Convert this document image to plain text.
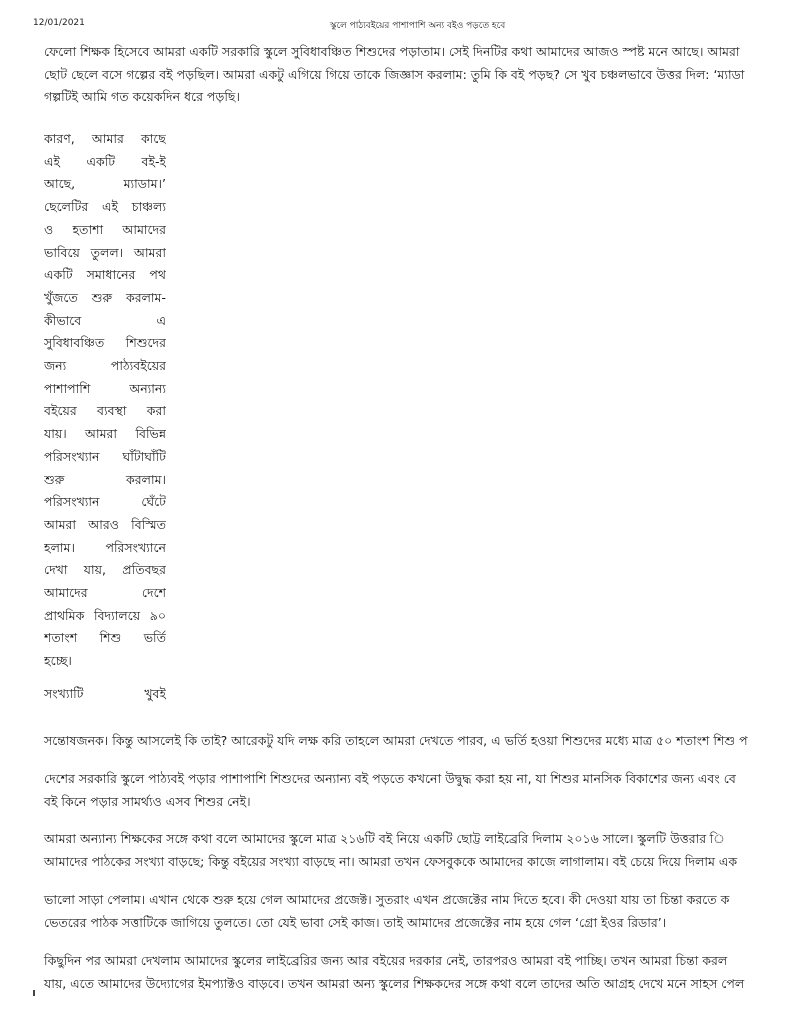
12/01/2021	স্কুলে পাঠ্যবইয়ের পাশাপাশি অন্য বইও পড়তে হবে

ফেলো শিক্ষক হিসেবে আমরা একটি সরকারি স্কুলে সুবিধাবঞ্চিত শিশুদের পড়াতাম। সেই দিনটির কথা আমাদের আজও স্পষ্ট মনে আছে। আমরা
ছোট ছেলে বসে গল্পের বই পড়ছিল। আমরা একটু এগিয়ে গিয়ে তাকে জিজ্ঞাস করলাম: তুমি কি বই পড়ছ? সে খুব চঞ্চলভাবে উত্তর দিল: ‘ম্যাডা
গল্পটিই আমি গত কয়েকদিন ধরে পড়ছি।

কারণ, আমার কাছে
এই একটি বই-ই
আছে, ম্যাডাম।’
ছেলেটির এই চাঞ্চল্য
ও হতাশা আমাদের
ভাবিয়ে তুলল। আমরা
একটি সমাধানের পথ
খুঁজতে শুরু করলাম-
কীভাবে এ
সুবিধাবঞ্চিত শিশুদের
জন্য পাঠ্যবইয়ের
পাশাপাশি অন্যান্য
বইয়ের ব্যবস্থা করা
যায়। আমরা বিভিন্ন
পরিসংখ্যান ঘাঁটাঘাঁটি
শুরু করলাম।
পরিসংখ্যান ঘেঁটে
আমরা আরও বিস্মিত
হলাম। পরিসংখ্যানে
দেখা যায়, প্রতিবছর
আমাদের দেশে
প্রাথমিক বিদ্যালয়ে ৯০
শতাংশ শিশু ভর্তি
হচ্ছে।
সংখ্যাটি খুবই

সন্তোষজনক। কিন্তু আসলেই কি তাই? আরেকটু যদি লক্ষ করি তাহলে আমরা দেখতে পারব, এ ভর্তি হওয়া শিশুদের মধ্যে মাত্র ৫০ শতাংশ শিশু প

দেশের সরকারি স্কুলে পাঠ্যবই পড়ার পাশাপাশি শিশুদের অন্যান্য বই পড়তে কখনো উদ্বুদ্ধ করা হয় না, যা শিশুর মানসিক বিকাশের জন্য এবং বে
বই কিনে পড়ার সামর্থ্যও এসব শিশুর নেই।

আমরা অন্যান্য শিক্ষকের সঙ্গে কথা বলে আমাদের স্কুলে মাত্র ২১৬টি বই নিয়ে একটি ছোট্ট লাইব্রেরি দিলাম ২০১৬ সালে। স্কুলটি উত্তরার ি
আমাদের পাঠকের সংখ্যা বাড়ছে; কিন্তু বইয়ের সংখ্যা বাড়ছে না। আমরা তখন ফেসবুককে আমাদের কাজে লাগালাম। বই চেয়ে দিয়ে দিলাম এক

ভালো সাড়া পেলাম। এখান থেকে শুরু হয়ে গেল আমাদের প্রজেক্ট। সুতরাং এখন প্রজেক্টের নাম দিতে হবে। কী দেওয়া যায় তা চিন্তা করতে ক
ভেতরের পাঠক সত্তাটিকে জাগিয়ে তুলতে। তো যেই ভাবা সেই কাজ। তাই আমাদের প্রজেক্টের নাম হয়ে গেল ‘গ্রো ইওর রিডার’।

কিছুদিন পর আমরা দেখলাম আমাদের স্কুলের লাইব্রেরির জন্য আর বইয়ের দরকার নেই, তারপরও আমরা বই পাচ্ছি। তখন আমরা চিন্তা করল
যায়, এতে আমাদের উদ্যোগের ইমপ্যাক্টও বাড়বে। তখন আমরা অন্য স্কুলের শিক্ষকদের সঙ্গে কথা বলে তাদের অতি আগ্রহ দেখে মনে সাহস পেল
